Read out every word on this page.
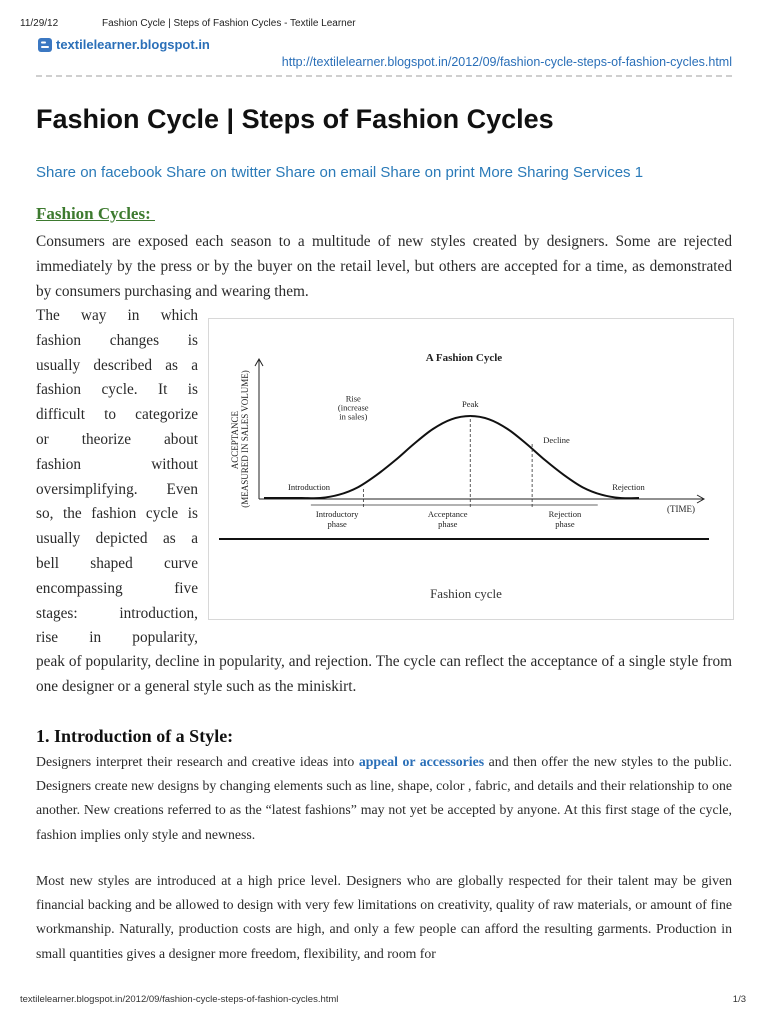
11/29/12	Fashion Cycle | Steps of Fashion Cycles - Textile Learner
textilelearner.blogspot.in
http://textilelearner.blogspot.in/2012/09/fashion-cycle-steps-of-fashion-cycles.html
Fashion Cycle | Steps of Fashion Cycles
Share on facebook Share on twitter Share on email Share on print More Sharing Services 1
Fashion Cycles:

Consumers are exposed each season to a multitude of new styles created by designers. Some are rejected immediately by the press or by the buyer on the retail level, but others are accepted for a time, as demonstrated by consumers purchasing and wearing them.

The way in which
fashion changes is
usually described as a
fashion cycle. It is
difficult to categorize
or theorize about
fashion without
oversimplifying. Even
so, the fashion cycle is
usually depicted as a
bell shaped curve
encompassing five
stages: introduction,
rise in popularity,
A Fashion Cycle
ACCEPTANCE (MEASURED IN SALES VOLUME)
(TIME)
Introduction
Rise (increase in sales)
Peak
Decline
Rejection
Introductory phase
Acceptance phase
Rejection phase
Fashion cycle

peak of popularity, decline in popularity, and rejection. The cycle can reflect the acceptance of a single style from one designer or a general style such as the miniskirt.

1. Introduction of a Style:

Designers interpret their research and creative ideas into appeal or accessories and then offer the new styles to the public. Designers create new designs by changing elements such as line, shape, color , fabric, and details and their relationship to one another. New creations referred to as the “latest fashions” may not yet be accepted by anyone. At this first stage of the cycle, fashion implies only style and newness.

Most new styles are introduced at a high price level. Designers who are globally respected for their talent may be given financial backing and be allowed to design with very few limitations on creativity, quality of raw materials, or amount of fine workmanship. Naturally, production costs are high, and only a few people can afford the resulting garments. Production in small quantities gives a designer more freedom, flexibility, and room for

textilelearner.blogspot.in/2012/09/fashion-cycle-steps-of-fashion-cycles.html	1/3
